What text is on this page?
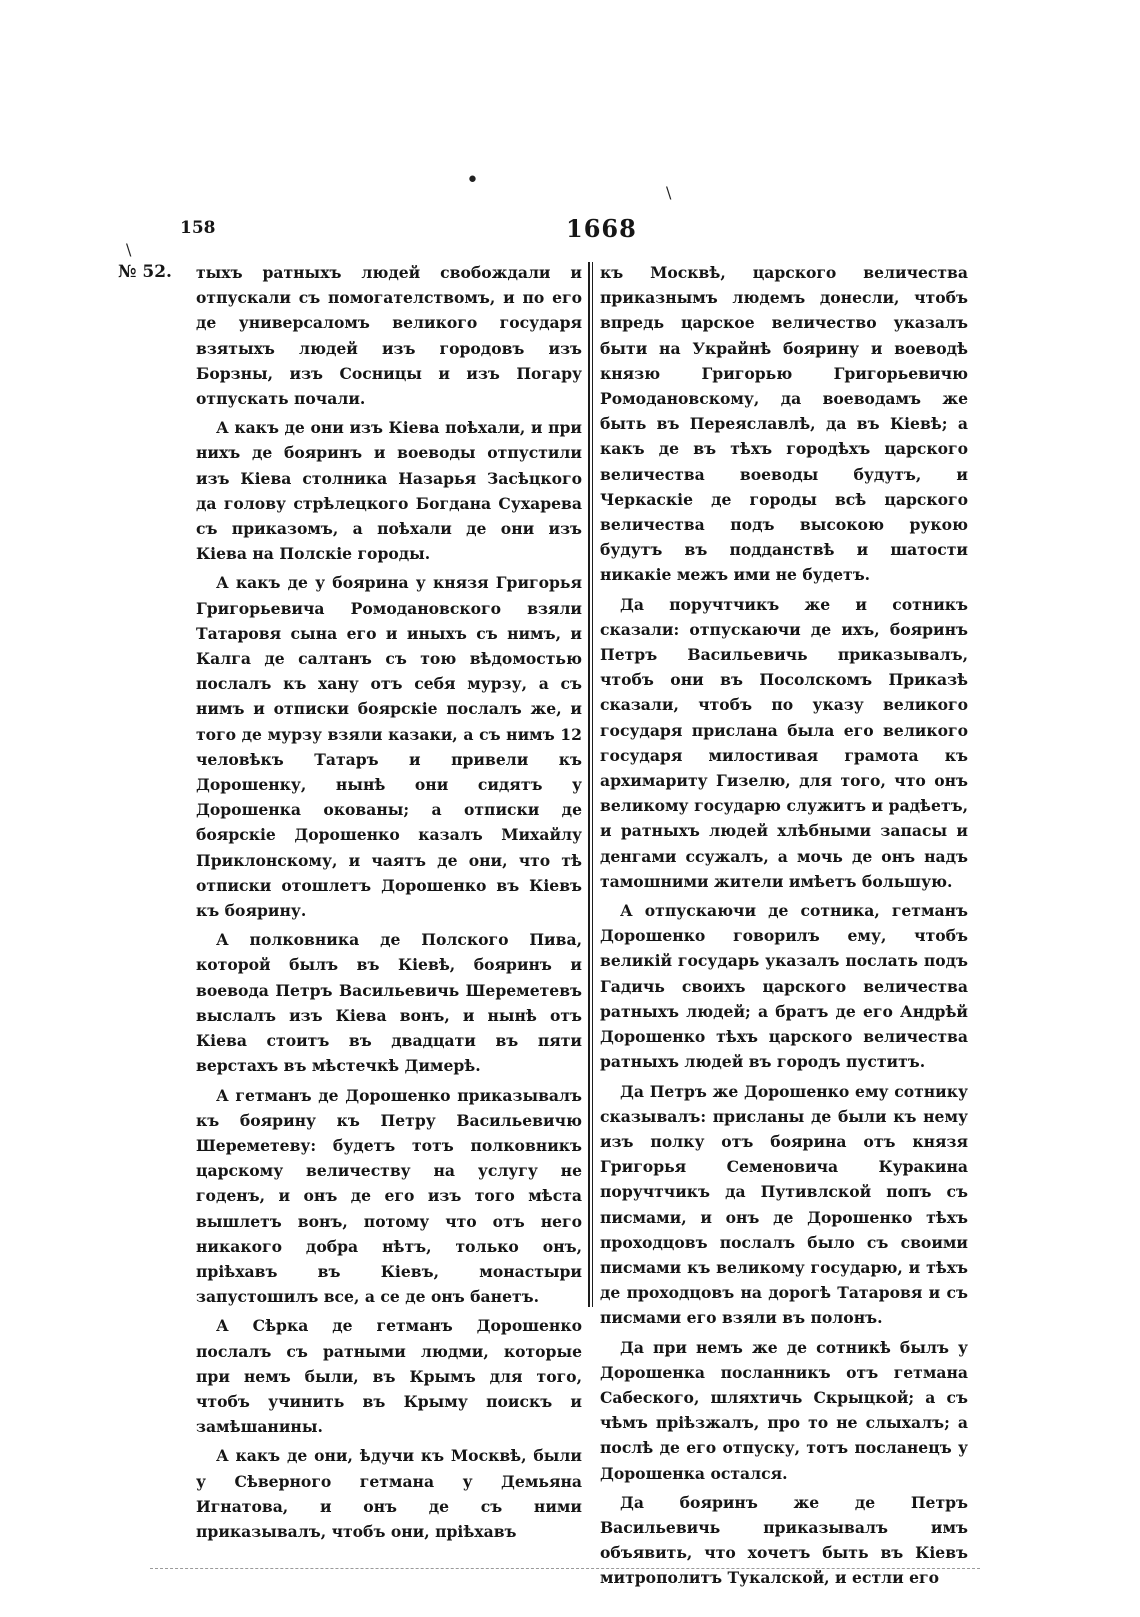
•	\
\
158	1668
№ 52. тыхъ ратныхъ людей свобождали и отпускали съ помогателствомъ, и по его де универсаломъ великого государя взятыхъ людей изъ городовъ изъ Борзны, изъ Сосницы и изъ Погару отпускать почали.

А какъ де они изъ Кіева поѣхали, и при нихъ де бояринъ и воеводы отпустили изъ Кіева столника Назарья Засѣцкого да голову стрѣлецкого Богдана Сухарева съ приказомъ, а поѣхали де они изъ Кіева на Полскіе городы.

А какъ де у боярина у князя Григорья Григорьевича Ромодановского взяли Татаровя сына его и иныхъ съ нимъ, и Калга де салтанъ съ тою вѣдомостью послалъ къ хану отъ себя мурзу, а съ нимъ и отписки боярскіе послалъ же, и того де мурзу взяли казаки, а съ нимъ 12 человѣкъ Татаръ и привели къ Дорошенку, нынѣ они сидятъ у Дорошенка окованы; а отписки де боярскіе Дорошенко казалъ Михайлу Приклонскому, и чаятъ де они, что тѣ отписки отошлетъ Дорошенко въ Кіевъ къ боярину.

А полковника де Полского Пива, которой былъ въ Кіевѣ, бояринъ и воевода Петръ Васильевичь Шереметевъ выслалъ изъ Кіева вонъ, и нынѣ отъ Кіева стоитъ въ двадцати въ пяти верстахъ въ мѣстечкѣ Димерѣ.

А гетманъ де Дорошенко приказывалъ къ боярину къ Петру Васильевичю Шереметеву: будетъ тотъ полковникъ царскому величеству на услугу не годенъ, и онъ де его изъ того мѣста вышлетъ вонъ, потому что отъ него никакого добра нѣтъ, только онъ, пріѣхавъ въ Кіевъ, монастыри запустошилъ все, а се де онъ банетъ.

А Сѣрка де гетманъ Дорошенко послалъ съ ратными людми, которые при немъ были, въ Крымъ для того, чтобъ учинить въ Крыму поискъ и замѣшанины.

А какъ де они, ѣдучи къ Москвѣ, были у Сѣверного гетмана у Демьяна Игнатова, и онъ де съ ними приказывалъ, чтобъ они, пріѣхавъ

къ Москвѣ, царского величества приказнымъ людемъ донесли, чтобъ впредь царское величество указалъ быти на Украйнѣ боярину и воеводѣ князю Григорью Григорьевичю Ромодановскому, да воеводамъ же быть въ Переяславлѣ, да въ Кіевѣ; а какъ де въ тѣхъ городѣхъ царского величества воеводы будутъ, и Черкаскіе де городы всѣ царского величества подъ высокою рукою будутъ въ подданствѣ и шатости никакіе межъ ими не будетъ.

Да поручтчикъ же и сотникъ сказали: отпускаючи де ихъ, бояринъ Петръ Васильевичь приказывалъ, чтобъ они въ Посолскомъ Приказѣ сказали, чтобъ по указу великого государя прислана была его великого государя милостивая грамота къ архимариту Гизелю, для того, что онъ великому государю служитъ и радѣетъ, и ратныхъ людей хлѣбными запасы и денгами ссужалъ, а мочь де онъ надъ тамошними жители имѣетъ большую.

А отпускаючи де сотника, гетманъ Дорошенко говорилъ ему, чтобъ великій государь указалъ послать подъ Гадичь своихъ царского величества ратныхъ людей; а братъ де его Андрѣй Дорошенко тѣхъ царского величества ратныхъ людей въ городъ пуститъ.

Да Петръ же Дорошенко ему сотнику сказывалъ: присланы де были къ нему изъ полку отъ боярина отъ князя Григорья Семеновича Куракина поручтчикъ да Путивлской попъ съ писмами, и онъ де Дорошенко тѣхъ проходцовъ послалъ было съ своими писмами къ великому государю, и тѣхъ де проходцовъ на дорогѣ Татаровя и съ писмами его взяли въ полонъ.

Да при немъ же де сотникѣ былъ у Дорошенка посланникъ отъ гетмана Сабеского, шляхтичь Скрыцкой; а съ чѣмъ пріѣзжалъ, про то не слыхалъ; а послѣ де его отпуску, тотъ посланецъ у Дорошенка остался.

Да бояринъ же де Петръ Васильевичь приказывалъ имъ объявить, что хочетъ быть въ Кіевъ митрополитъ Тукалской, и естли его
